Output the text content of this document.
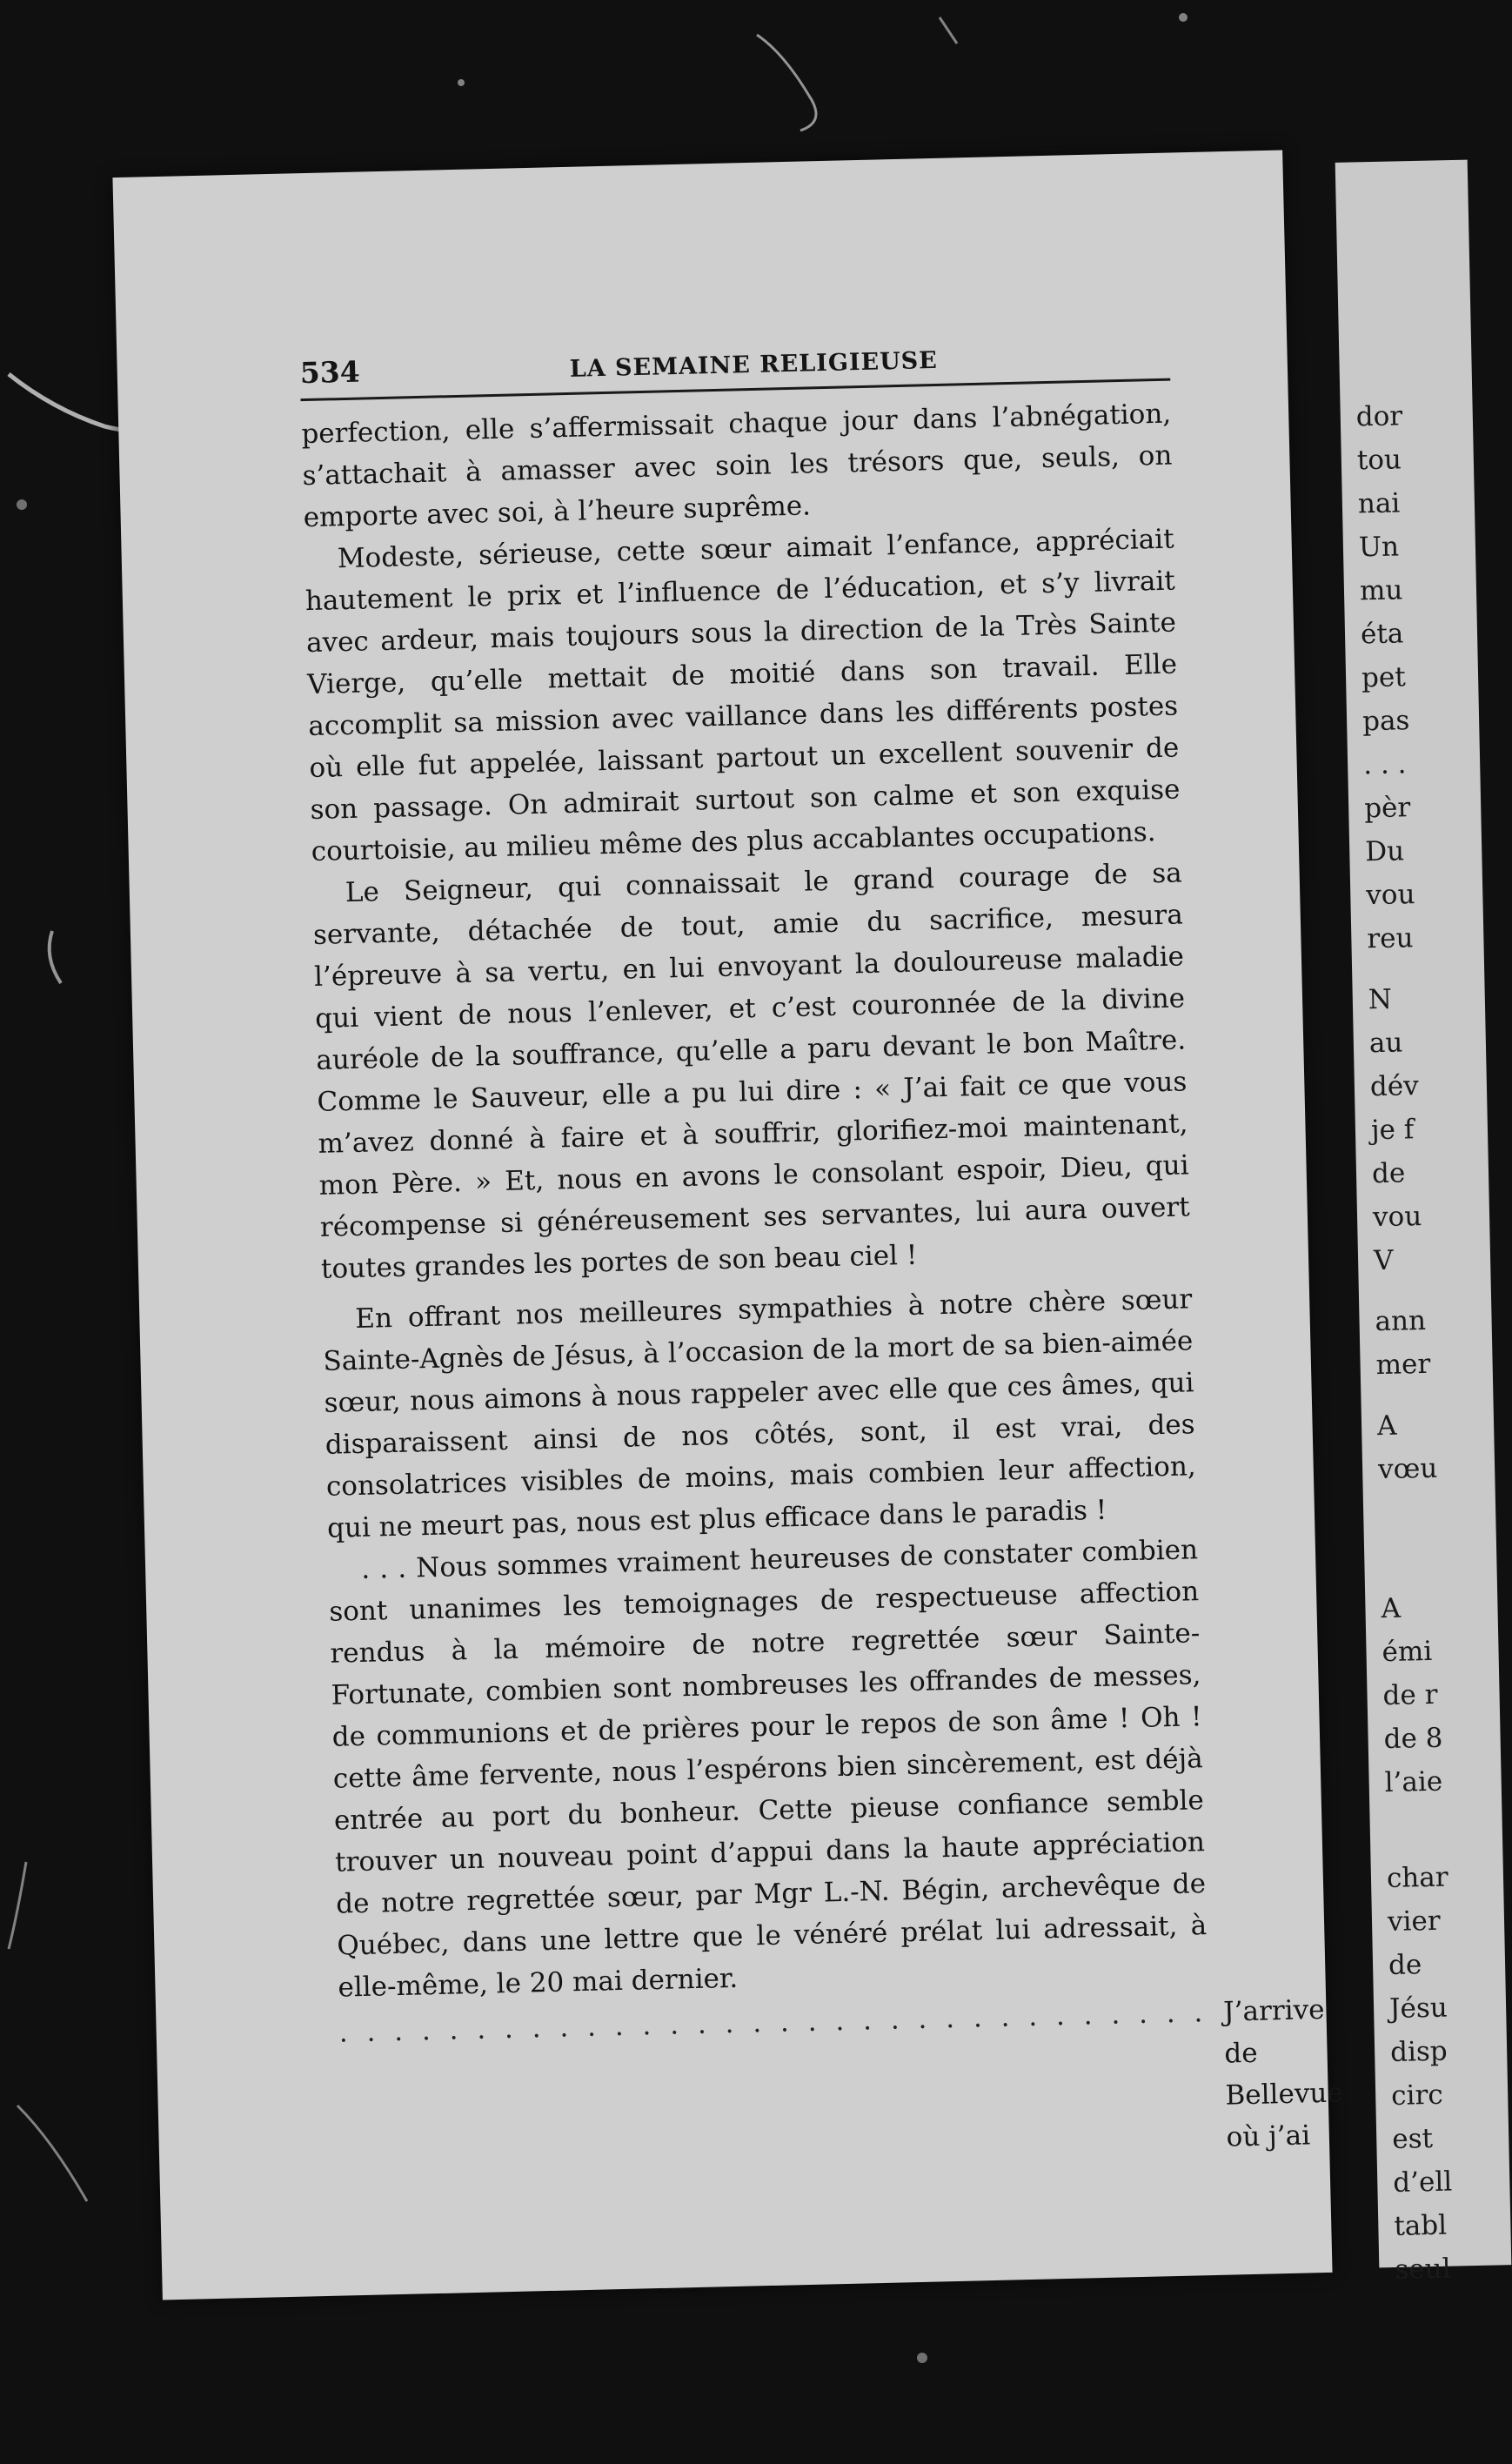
dor
tou
nai
Un
mu
éta
pet
pas
. . .
pèr
Du
vou
reu
N
au
dév
je f
de
vou
V
ann
mer
A
vœu
A
émi
de r
de 8
l’aie
char
vier
de
Jésu
disp
circ
est
d’ell
tabl
seul
534	LA SEMAINE RELIGIEUSE

perfection, elle s’affermissait chaque jour dans l’abnégation, s’attachait à amasser avec soin les trésors que, seuls, on emporte avec soi, à l’heure suprême.

Modeste, sérieuse, cette sœur aimait l’enfance, appréciait hautement le prix et l’influence de l’éducation, et s’y livrait avec ardeur, mais toujours sous la direction de la Très Sainte Vierge, qu’elle mettait de moitié dans son travail. Elle accomplit sa mission avec vaillance dans les différents postes où elle fut appelée, laissant partout un excellent souvenir de son passage. On admirait surtout son calme et son exquise courtoisie, au milieu même des plus accablantes occupations.

Le Seigneur, qui connaissait le grand courage de sa servante, détachée de tout, amie du sacrifice, mesura l’épreuve à sa vertu, en lui envoyant la douloureuse maladie qui vient de nous l’enlever, et c’est couronnée de la divine auréole de la souffrance, qu’elle a paru devant le bon Maître. Comme le Sauveur, elle a pu lui dire : « J’ai fait ce que vous m’avez donné à faire et à souffrir, glorifiez-moi maintenant, mon Père. » Et, nous en avons le consolant espoir, Dieu, qui récompense si généreusement ses servantes, lui aura ouvert toutes grandes les portes de son beau ciel !

En offrant nos meilleures sympathies à notre chère sœur Sainte-Agnès de Jésus, à l’occasion de la mort de sa bien-aimée sœur, nous aimons à nous rappeler avec elle que ces âmes, qui disparaissent ainsi de nos côtés, sont, il est vrai, des consolatrices visibles de moins, mais combien leur affection, qui ne meurt pas, nous est plus efficace dans le paradis !

. . . Nous sommes vraiment heureuses de constater combien sont unanimes les temoignages de respectueuse affection rendus à la mémoire de notre regrettée sœur Sainte-Fortunate, combien sont nombreuses les offrandes de messes, de communions et de prières pour le repos de son âme ! Oh ! cette âme fervente, nous l’espérons bien sincèrement, est déjà entrée au port du bonheur. Cette pieuse confiance semble trouver un nouveau point d’appui dans la haute appréciation de notre regrettée sœur, par Mgr L.-N. Bégin, archevêque de Québec, dans une lettre que le vénéré prélat lui adressait, à elle-même, le 20 mai dernier.

. . . . . . . . . . . . . . . . . . . . . . . . . . . . . . . . J’arrive de Bellevue où j’ai
